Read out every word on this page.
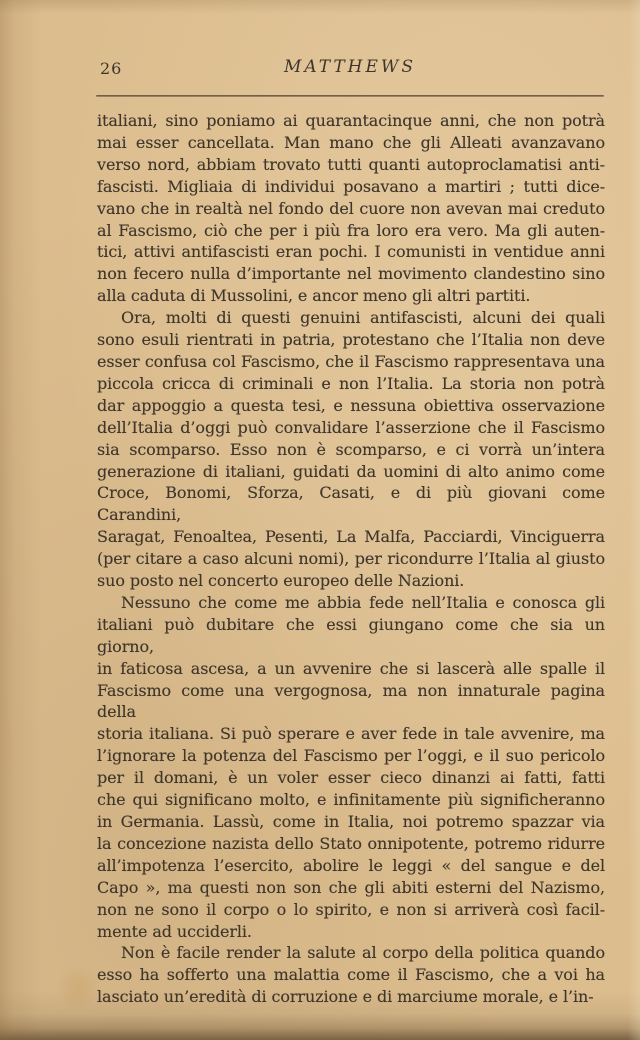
26	MATTHEWS
italiani, sino poniamo ai quarantacinque anni, che non potrà
mai esser cancellata. Man mano che gli Alleati avanzavano
verso nord, abbiam trovato tutti quanti autoproclamatisi anti-
fascisti. Migliaia di individui posavano a martiri ; tutti dice-
vano che in realtà nel fondo del cuore non avevan mai creduto
al Fascismo, ciò che per i più fra loro era vero. Ma gli auten-
tici, attivi antifascisti eran pochi. I comunisti in ventidue anni
non fecero nulla d’importante nel movimento clandestino sino
alla caduta di Mussolini, e ancor meno gli altri partiti.
Ora, molti di questi genuini antifascisti, alcuni dei quali
sono esuli rientrati in patria, protestano che l’Italia non deve
esser confusa col Fascismo, che il Fascismo rappresentava una
piccola cricca di criminali e non l’Italia. La storia non potrà
dar appoggio a questa tesi, e nessuna obiettiva osservazione
dell’Italia d’oggi può convalidare l’asserzione che il Fascismo
sia scomparso. Esso non è scomparso, e ci vorrà un’intera
generazione di italiani, guidati da uomini di alto animo come
Croce, Bonomi, Sforza, Casati, e di più giovani come Carandini,
Saragat, Fenoaltea, Pesenti, La Malfa, Pacciardi, Vinciguerra
(per citare a caso alcuni nomi), per ricondurre l’Italia al giusto
suo posto nel concerto europeo delle Nazioni.
Nessuno che come me abbia fede nell’Italia e conosca gli
italiani può dubitare che essi giungano come che sia un giorno,
in faticosa ascesa, a un avvenire che si lascerà alle spalle il
Fascismo come una vergognosa, ma non innaturale pagina della
storia italiana. Si può sperare e aver fede in tale avvenire, ma
l’ignorare la potenza del Fascismo per l’oggi, e il suo pericolo
per il domani, è un voler esser cieco dinanzi ai fatti, fatti
che qui significano molto, e infinitamente più significheranno
in Germania. Lassù, come in Italia, noi potremo spazzar via
la concezione nazista dello Stato onnipotente, potremo ridurre
all’impotenza l’esercito, abolire le leggi « del sangue e del
Capo », ma questi non son che gli abiti esterni del Nazismo,
non ne sono il corpo o lo spirito, e non si arriverà così facil-
mente ad ucciderli.
Non è facile render la salute al corpo della politica quando
esso ha sofferto una malattia come il Fascismo, che a voi ha
lasciato un’eredità di corruzione e di marciume morale, e l’in-
